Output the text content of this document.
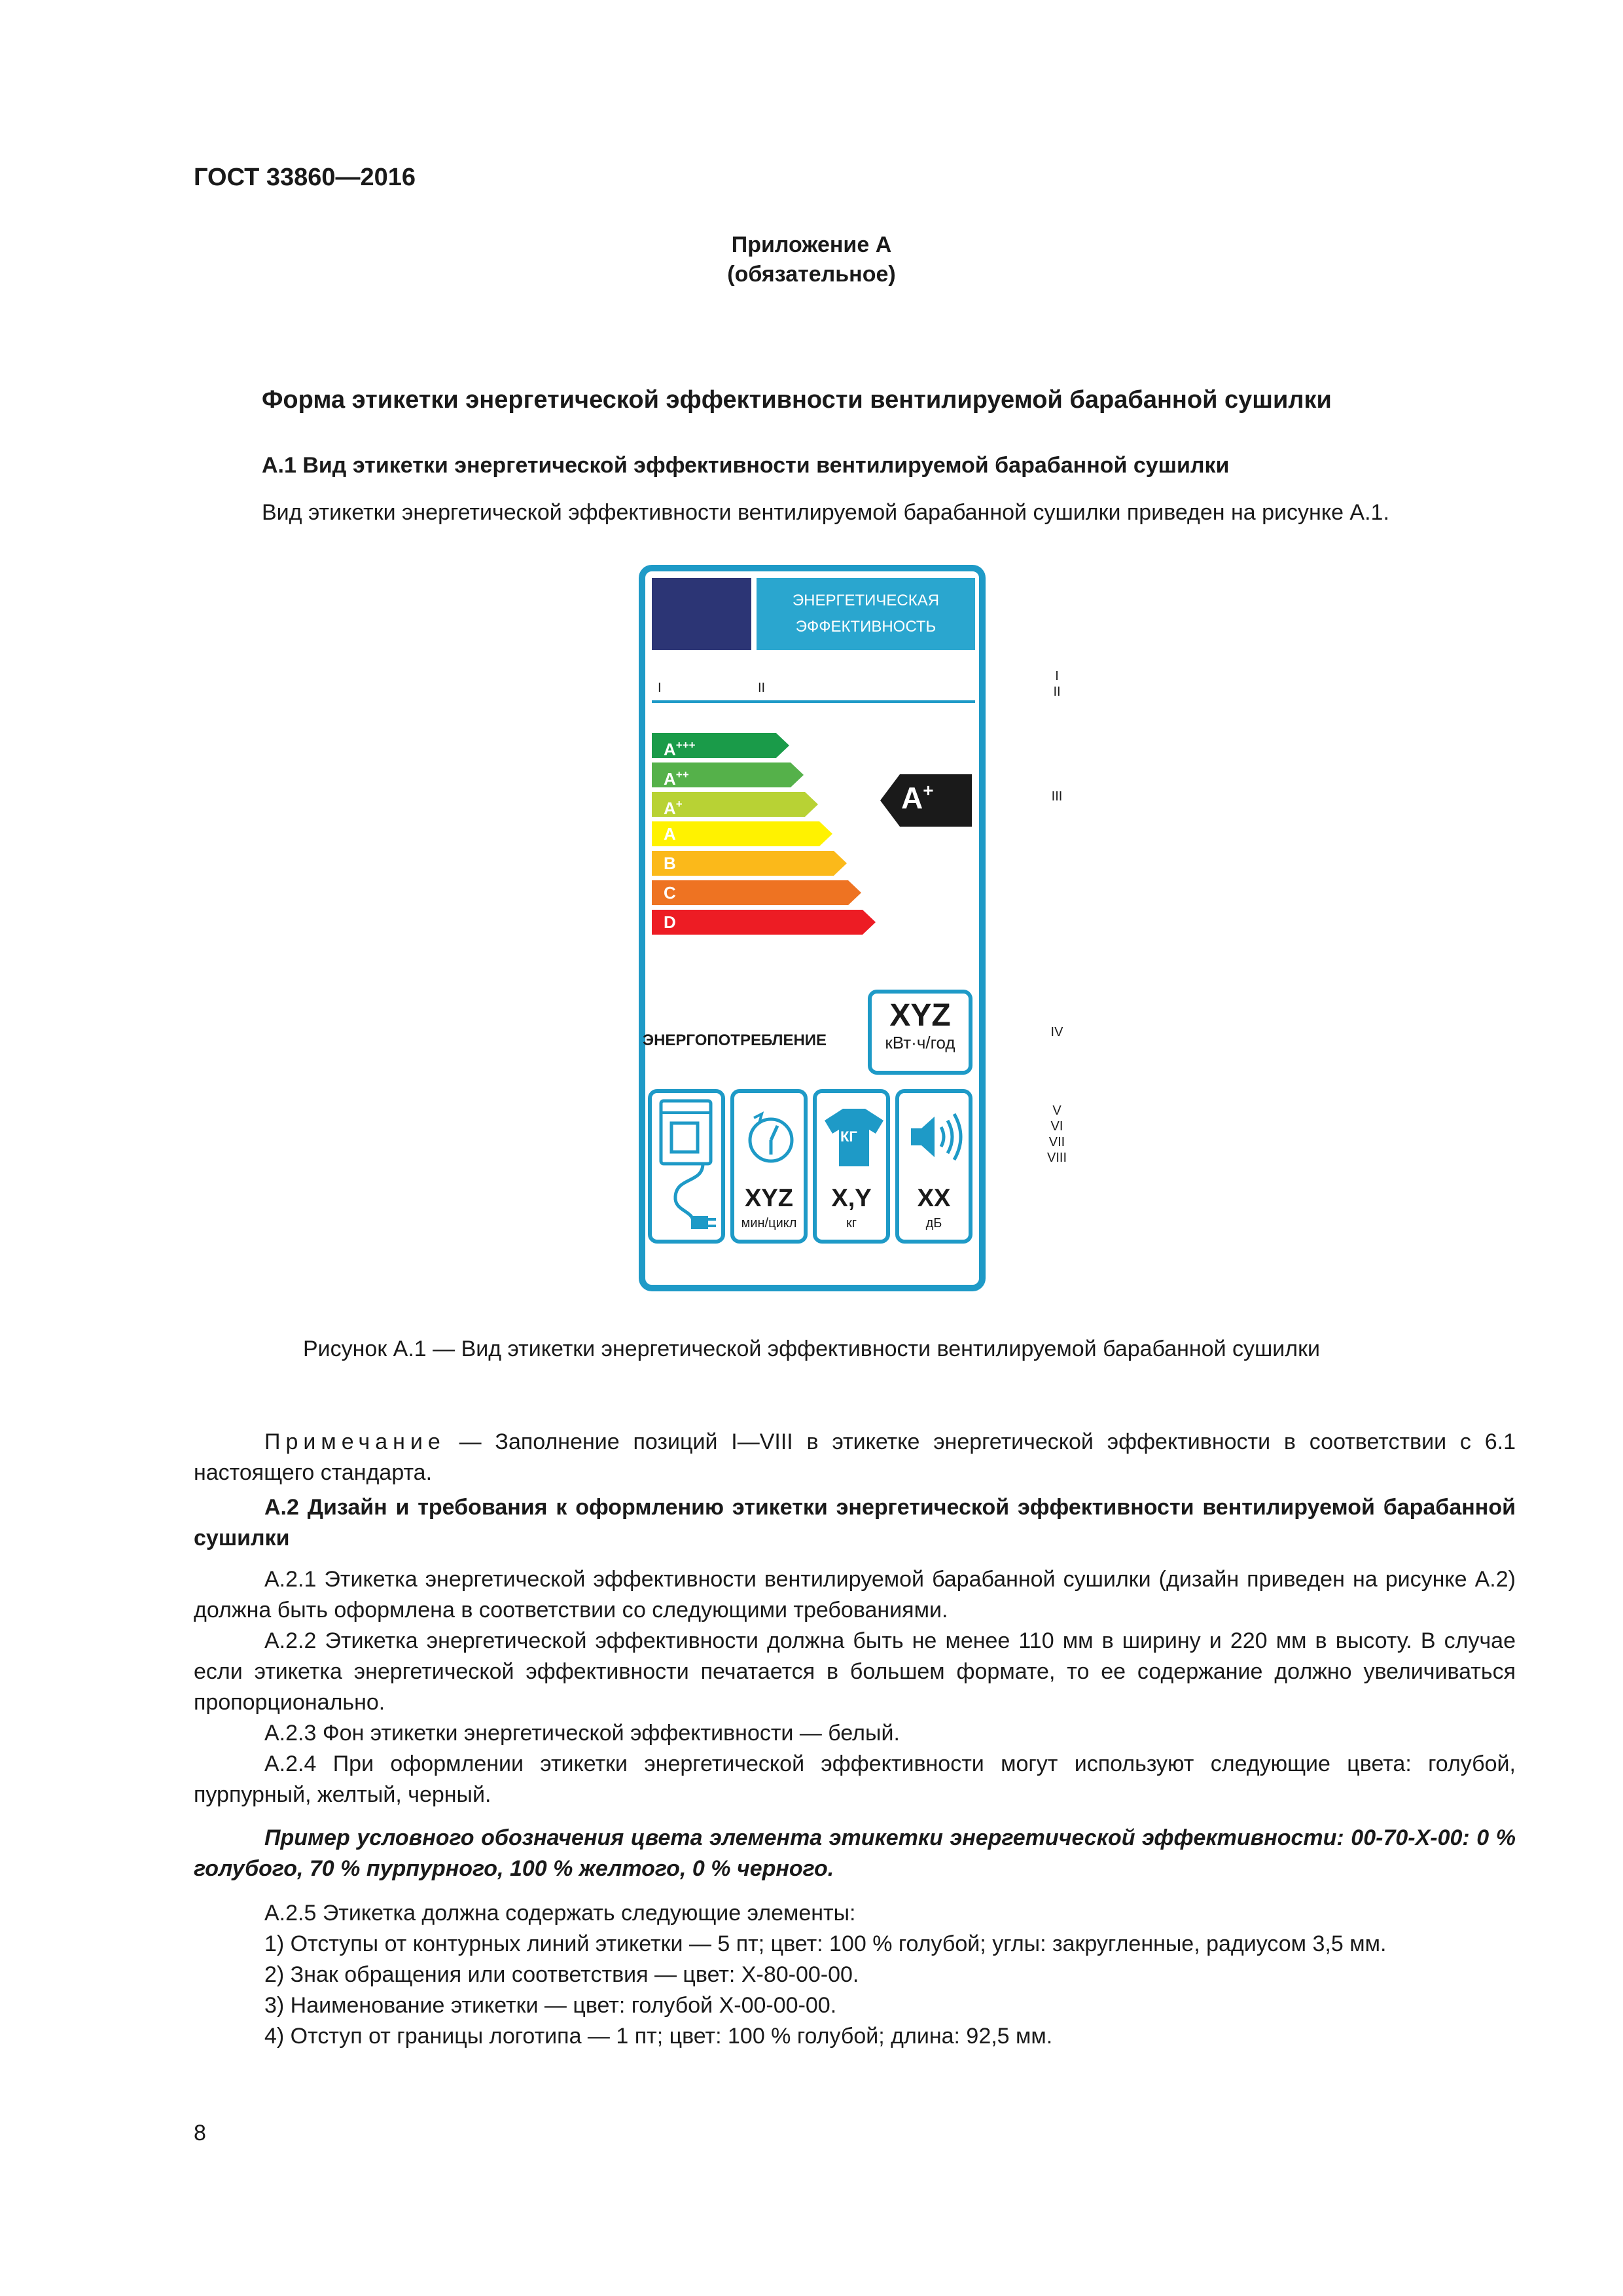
ГОСТ 33860—2016
Приложение А
(обязательное)
Форма этикетки энергетической эффективности вентилируемой барабанной сушилки
А.1 Вид этикетки энергетической эффективности вентилируемой барабанной сушилки
Вид этикетки энергетической эффективности вентилируемой барабанной сушилки приведен на рисунке А.1.
ЭНЕРГЕТИЧЕСКАЯ
ЭФФЕКТИВНОСТЬ
I	II
A+++
A++
A+
A
B
C
D
A+
ЭНЕРГОПОТРЕБЛЕНИЕ
XYZ
кВт·ч/год
XYZ
мин/цикл
КГ
X,Y
кг
XX
дБ
I
II
III
IV
V
VI
VII
VIII
Рисунок А.1 — Вид этикетки энергетической эффективности вентилируемой барабанной сушилки
Примечание — Заполнение позиций I—VIII в этикетке энергетической эффективности в соответствии с 6.1 настоящего стандарта.
А.2 Дизайн и требования к оформлению этикетки энергетической эффективности вентилируемой барабанной сушилки
А.2.1 Этикетка энергетической эффективности вентилируемой барабанной сушилки (дизайн приведен на рисунке А.2) должна быть оформлена в соответствии со следующими требованиями.
А.2.2 Этикетка энергетической эффективности должна быть не менее 110 мм в ширину и 220 мм в высоту. В случае если этикетка энергетической эффективности печатается в большем формате, то ее содержание должно увеличиваться пропорционально.
А.2.3 Фон этикетки энергетической эффективности — белый.
А.2.4 При оформлении этикетки энергетической эффективности могут используют следующие цвета: голубой, пурпурный, желтый, черный.
Пример условного обозначения цвета элемента этикетки энергетической эффективности: 00-70-Х-00: 0 % голубого, 70 % пурпурного, 100 % желтого, 0 % черного.
А.2.5 Этикетка должна содержать следующие элементы:
1) Отступы от контурных линий этикетки — 5 пт; цвет: 100 % голубой; углы: закругленные, радиусом 3,5 мм.
2) Знак обращения или соответствия — цвет: Х-80-00-00.
3) Наименование этикетки — цвет: голубой Х-00-00-00.
4) Отступ от границы логотипа — 1 пт; цвет: 100 % голубой; длина: 92,5 мм.
8
